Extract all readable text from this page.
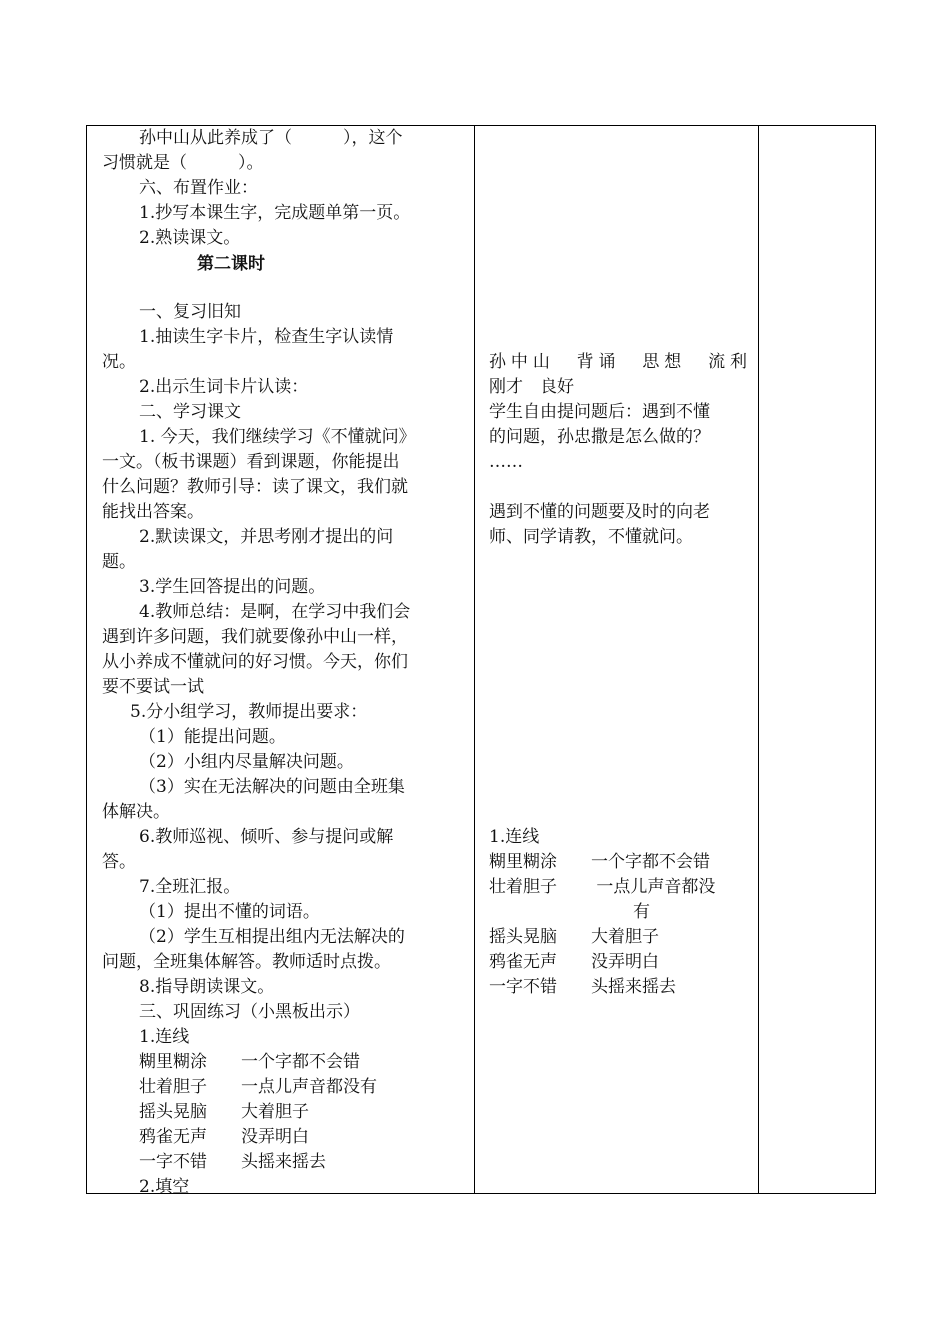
孙中山从此养成了（　　　），这个
习惯就是（　　　）。
六、布置作业：
1.抄写本课生字，完成题单第一页。
2.熟读课文。
第二课时
一、复习旧知
1.抽读生字卡片，检查生字认读情
况。
2.出示生词卡片认读：
二、学习课文
1. 今天，我们继续学习《不懂就问》
一文。（板书课题）看到课题，你能提出
什么问题？教师引导：读了课文，我们就
能找出答案。
2.默读课文，并思考刚才提出的问
题。
3.学生回答提出的问题。
4.教师总结：是啊，在学习中我们会
遇到许多问题，我们就要像孙中山一样，
从小养成不懂就问的好习惯。今天，你们
要不要试一试
5.分小组学习，教师提出要求：
（1）能提出问题。
（2）小组内尽量解决问题。
（3）实在无法解决的问题由全班集
体解决。
6.教师巡视、倾听、参与提问或解
答。
7.全班汇报。
（1）提出不懂的词语。
（2）学生互相提出组内无法解决的
问题，全班集体解答。教师适时点拨。
8.指导朗读课文。
三、巩固练习（小黑板出示）
1.连线
糊里糊涂　　一个字都不会错
壮着胆子　　一点儿声音都没有
摇头晃脑　　大着胆子
鸦雀无声　　没弄明白
一字不错　　头摇来摇去
2.填空
孙中山　背诵　思想　流利
刚才　良好
学生自由提问题后：遇到不懂
的问题，孙忠撒是怎么做的？
……
遇到不懂的问题要及时的向老
师、同学请教，不懂就问。
1.连线
糊里糊涂　　一个字都不会错
壮着胆子　　 一点儿声音都没
有
摇头晃脑　　大着胆子
鸦雀无声　　没弄明白
一字不错　　头摇来摇去
